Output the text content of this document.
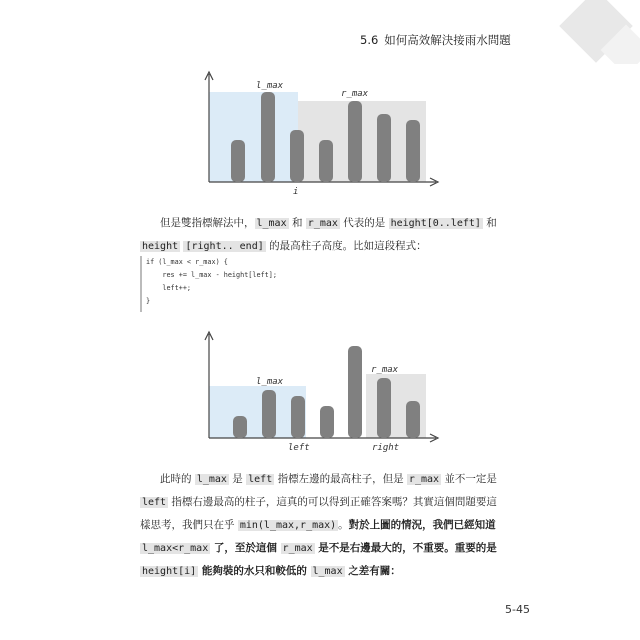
5.6 如何高效解決接雨水問題
l_max
r_max
i

但是雙指標解法中， l_max 和 r_max 代表的是 height[0..left] 和 height [right.. end] 的最高柱子高度。比如這段程式：

if (l_max < r_max) {
res += l_max - height[left];
left++;
}
l_max
r_max
left	right

此時的 l_max 是 left 指標左邊的最高柱子，但是 r_max 並不一定是 left 指標右邊最高的柱子，這真的可以得到正確答案嗎？其實這個問題要這樣思考，我們只在乎 min(l_max,r_max) 。對於上圖的情況，我們已經知道 l_max<r_max 了，至於這個 r_max 是不是右邊最大的，不重要。重要的是 height[i] 能夠裝的水只和較低的 l_max 之差有關：

5-45
